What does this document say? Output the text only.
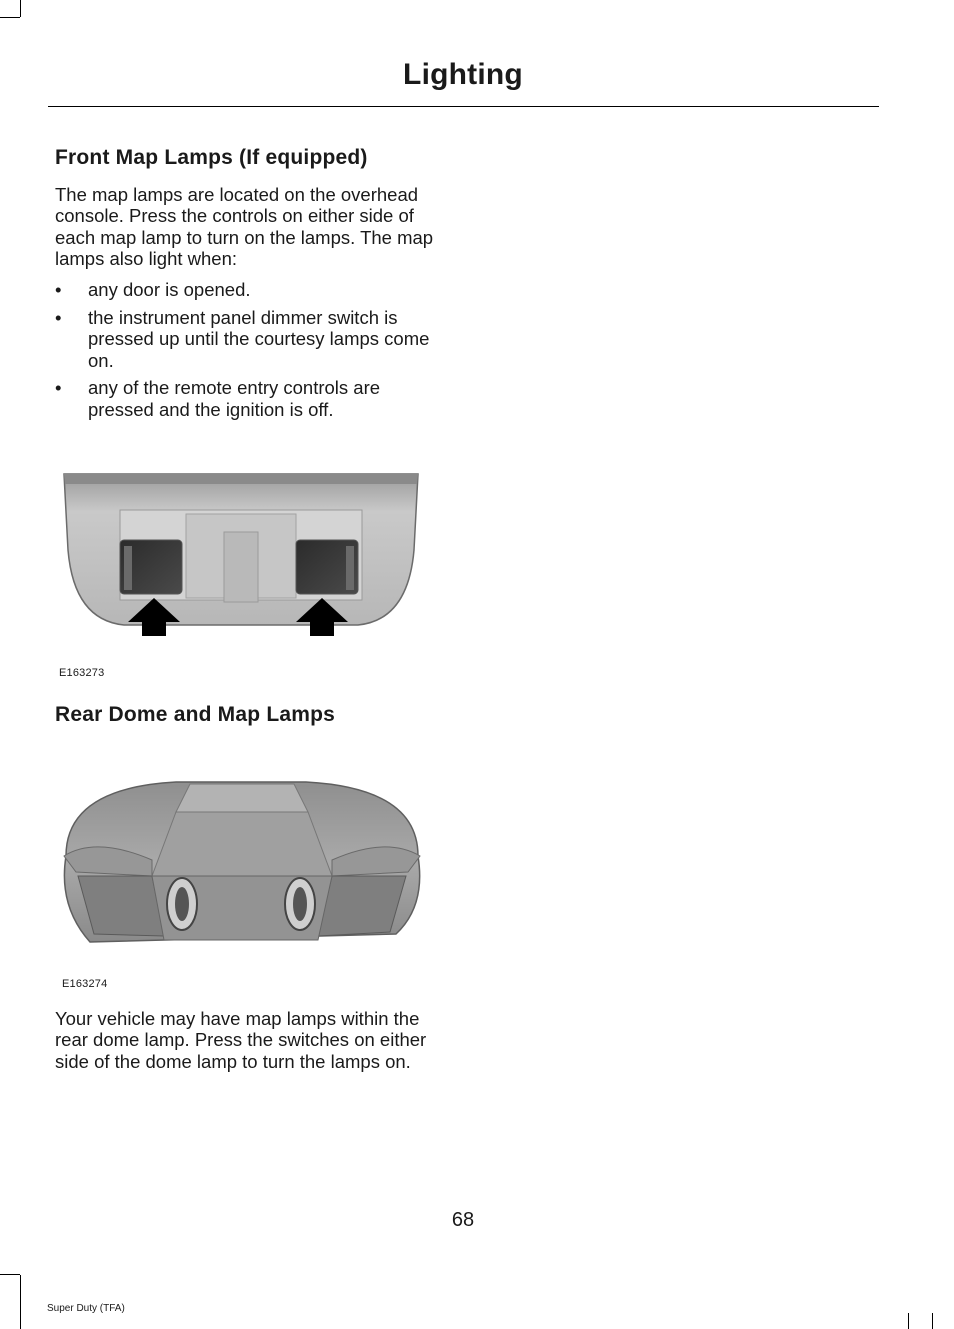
Lighting
Front Map Lamps (If equipped)

The map lamps are located on the overhead console. Press the controls on either side of each map lamp to turn on the lamps. The map lamps also light when:

• any door is opened.
• the instrument panel dimmer switch is pressed up until the courtesy lamps come on.
• any of the remote entry controls are pressed and the ignition is off.
E163273
Rear Dome and Map Lamps
E163274

Your vehicle may have map lamps within the rear dome lamp. Press the switches on either side of the dome lamp to turn the lamps on.

68
Super Duty (TFA)
